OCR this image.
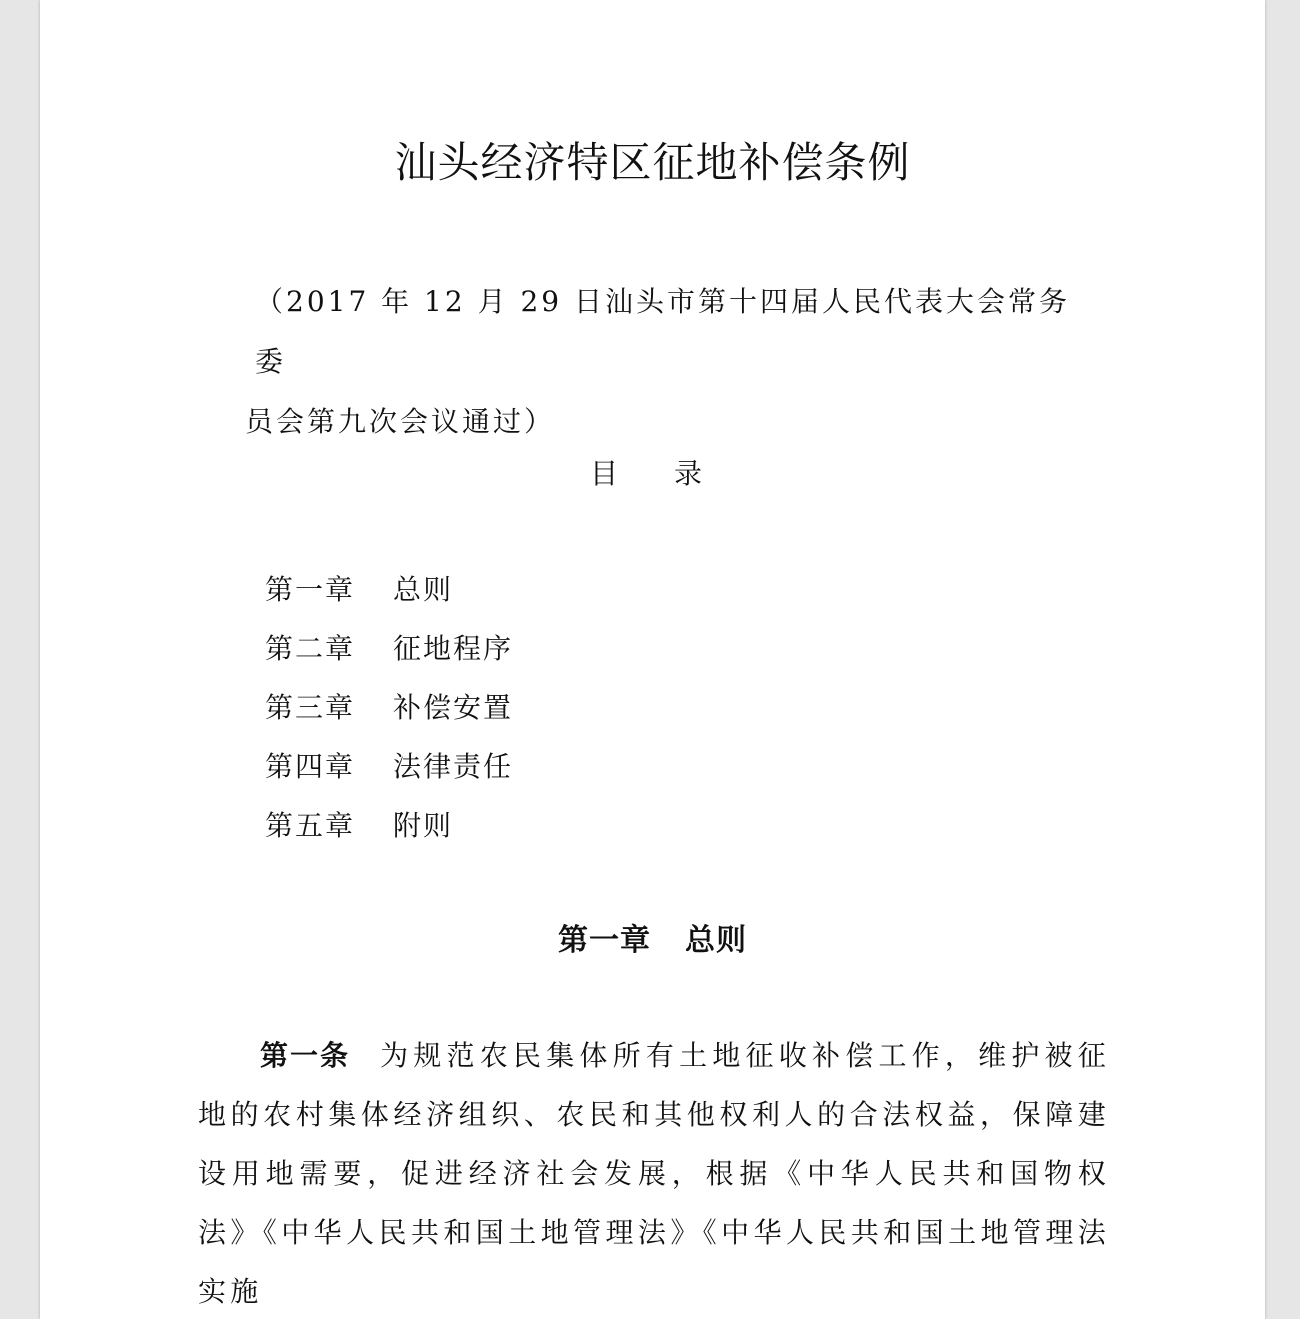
汕头经济特区征地补偿条例
（2017 年 12 月 29 日汕头市第十四届人民代表大会常务委
员会第九次会议通过）
目 录
第一章 总则
第二章 征地程序
第三章 补偿安置
第四章 法律责任
第五章 附则
第一章 总则

第一条 为规范农民集体所有土地征收补偿工作，维护被征地的农村集体经济组织、农民和其他权利人的合法权益，保障建设用地需要，促进经济社会发展，根据《中华人民共和国物权法》《中华人民共和国土地管理法》《中华人民共和国土地管理法实施
